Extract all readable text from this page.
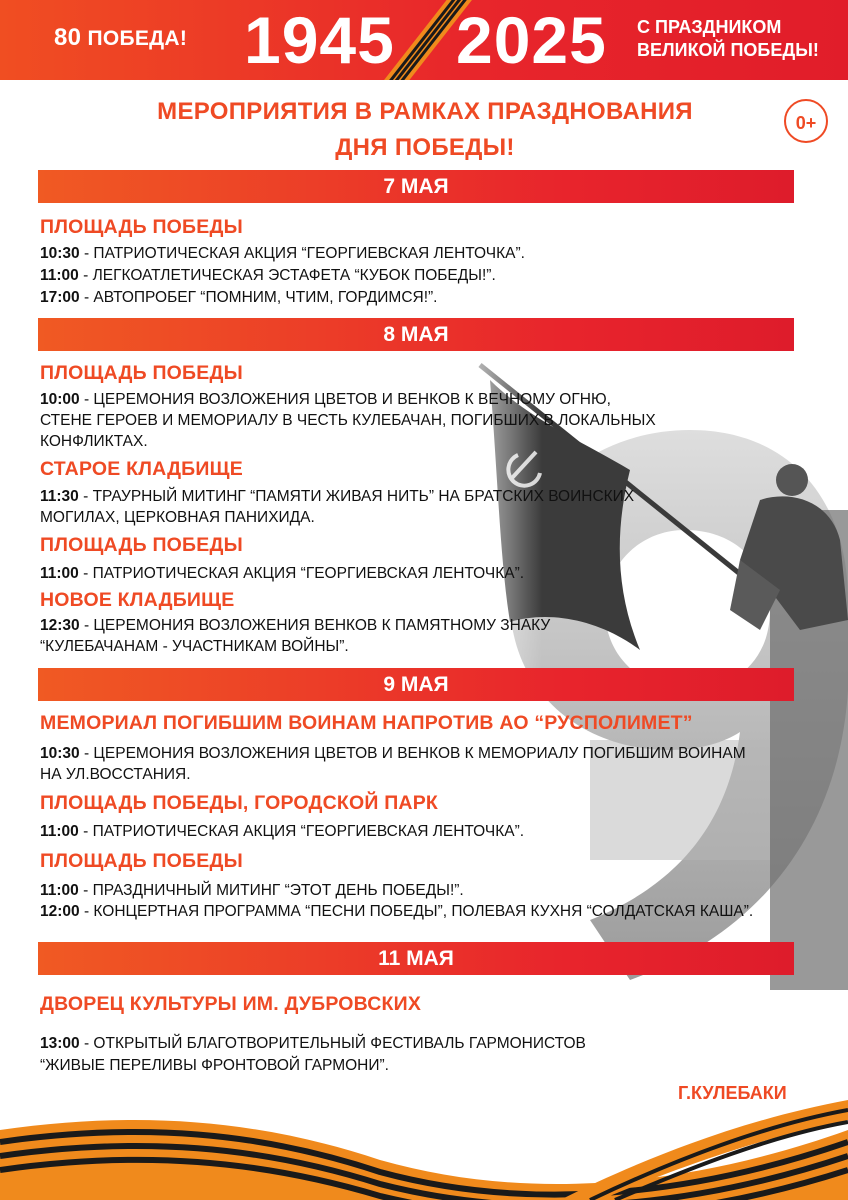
80 ПОБЕДА! 1945 2025 С ПРАЗДНИКОМ
ВЕЛИКОЙ ПОБЕДЫ!
МЕРОПРИЯТИЯ В РАМКАХ ПРАЗДНОВАНИЯ
ДНЯ ПОБЕДЫ!
0+
7 МАЯ
ПЛОЩАДЬ ПОБЕДЫ
10:30 - ПАТРИОТИЧЕСКАЯ АКЦИЯ “ГЕОРГИЕВСКАЯ ЛЕНТОЧКА”.
11:00 - ЛЕГКОАТЛЕТИЧЕСКАЯ ЭСТАФЕТА “КУБОК ПОБЕДЫ!”.
17:00 - АВТОПРОБЕГ “ПОМНИМ, ЧТИМ, ГОРДИМСЯ!”.
8 МАЯ
ПЛОЩАДЬ ПОБЕДЫ
10:00 - ЦЕРЕМОНИЯ ВОЗЛОЖЕНИЯ ЦВЕТОВ И ВЕНКОВ К ВЕЧНОМУ ОГНЮ,
СТЕНЕ ГЕРОЕВ И МЕМОРИАЛУ В ЧЕСТЬ КУЛЕБАЧАН, ПОГИБШИХ В ЛОКАЛЬНЫХ
КОНФЛИКТАХ.
СТАРОЕ КЛАДБИЩЕ
11:30 - ТРАУРНЫЙ МИТИНГ “ПАМЯТИ ЖИВАЯ НИТЬ” НА БРАТСКИХ ВОИНСКИХ
МОГИЛАХ, ЦЕРКОВНАЯ ПАНИХИДА.
ПЛОЩАДЬ ПОБЕДЫ
11:00 - ПАТРИОТИЧЕСКАЯ АКЦИЯ “ГЕОРГИЕВСКАЯ ЛЕНТОЧКА”.
НОВОЕ КЛАДБИЩЕ
12:30 - ЦЕРЕМОНИЯ ВОЗЛОЖЕНИЯ ВЕНКОВ К ПАМЯТНОМУ ЗНАКУ
“КУЛЕБАЧАНАМ - УЧАСТНИКАМ ВОЙНЫ”.
9 МАЯ
МЕМОРИАЛ ПОГИБШИМ ВОИНАМ НАПРОТИВ АО “РУСПОЛИМЕТ”
10:30 - ЦЕРЕМОНИЯ ВОЗЛОЖЕНИЯ ЦВЕТОВ И ВЕНКОВ К МЕМОРИАЛУ ПОГИБШИМ ВОИНАМ
НА УЛ.ВОССТАНИЯ.
ПЛОЩАДЬ ПОБЕДЫ, ГОРОДСКОЙ ПАРК
11:00 - ПАТРИОТИЧЕСКАЯ АКЦИЯ “ГЕОРГИЕВСКАЯ ЛЕНТОЧКА”.
ПЛОЩАДЬ ПОБЕДЫ
11:00 - ПРАЗДНИЧНЫЙ МИТИНГ “ЭТОТ ДЕНЬ ПОБЕДЫ!”.
12:00 - КОНЦЕРТНАЯ ПРОГРАММА “ПЕСНИ ПОБЕДЫ”, ПОЛЕВАЯ КУХНЯ “СОЛДАТСКАЯ КАША”.
11 МАЯ
ДВОРЕЦ КУЛЬТУРЫ ИМ. ДУБРОВСКИХ
13:00 - ОТКРЫТЫЙ БЛАГОТВОРИТЕЛЬНЫЙ ФЕСТИВАЛЬ ГАРМОНИСТОВ
“ЖИВЫЕ ПЕРЕЛИВЫ ФРОНТОВОЙ ГАРМОНИ”.
Г.КУЛЕБАКИ
